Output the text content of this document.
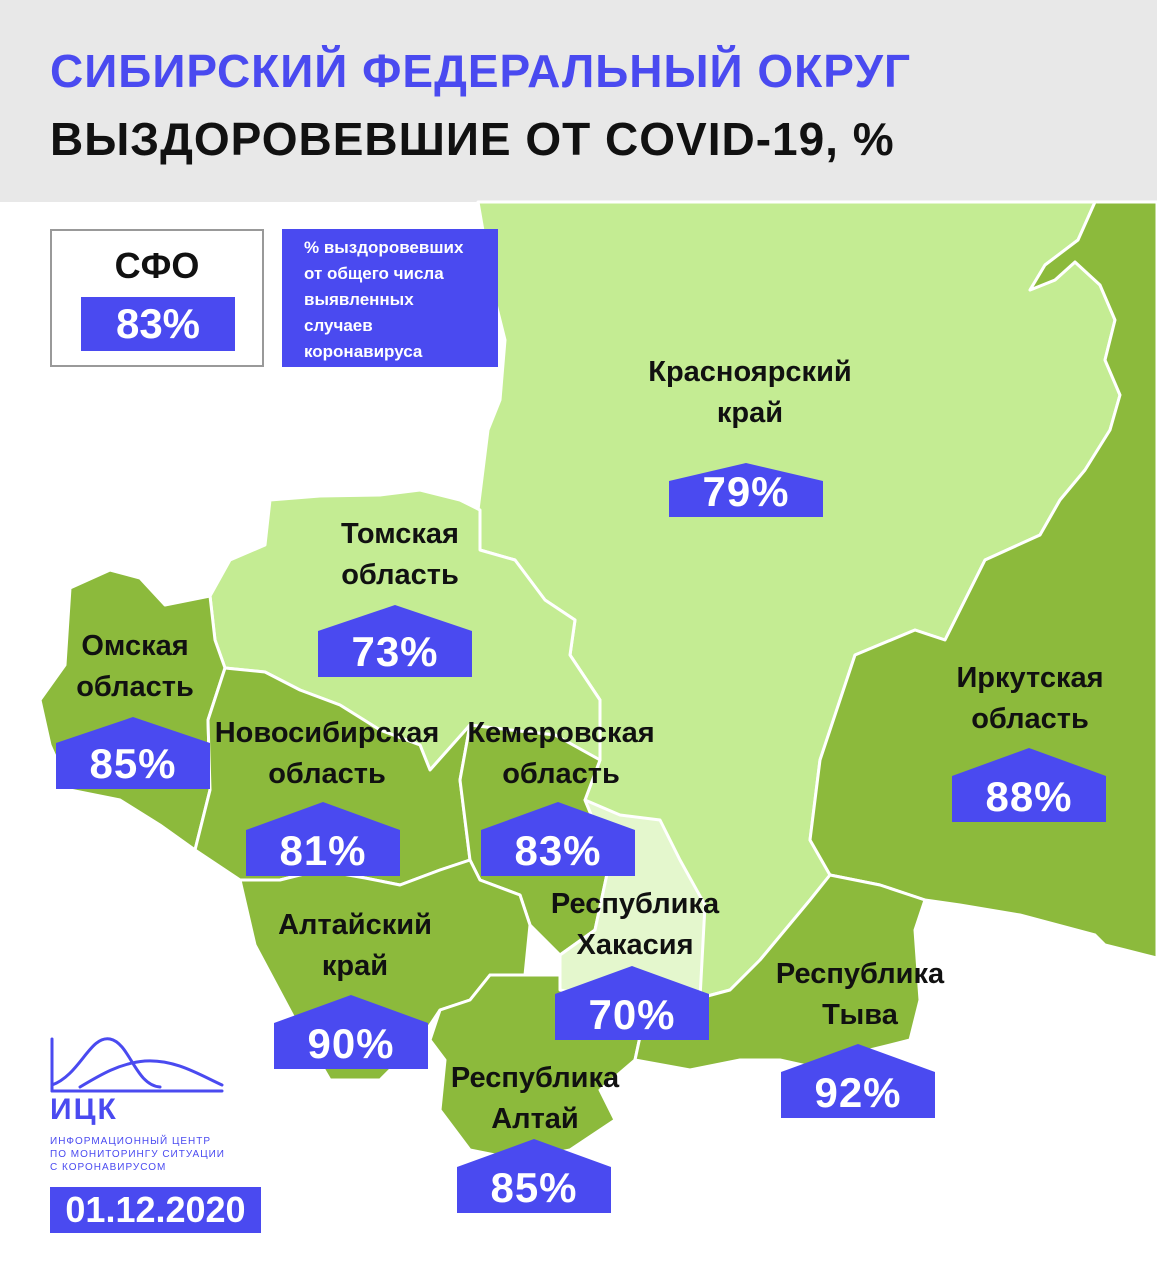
СИБИРСКИЙ ФЕДЕРАЛЬНЫЙ ОКРУГ
ВЫЗДОРОВЕВШИЕ ОТ COVID-19, %
СФО
83%
% выздоровевших
от общего числа
выявленных
случаев
коронавируса
Красноярский
край
79%
Томская
область
73%
Омская
область
85%
Новосибирская
область
81%
Кемеровская
область
83%
Иркутская
область
88%
Республика
Хакасия
70%
Алтайский
край
90%
Республика
Тыва
92%
Республика
Алтай
85%
ИЦК
ИНФОРМАЦИОННЫЙ ЦЕНТР
ПО МОНИТОРИНГУ СИТУАЦИИ
С КОРОНАВИРУСОМ
01.12.2020
